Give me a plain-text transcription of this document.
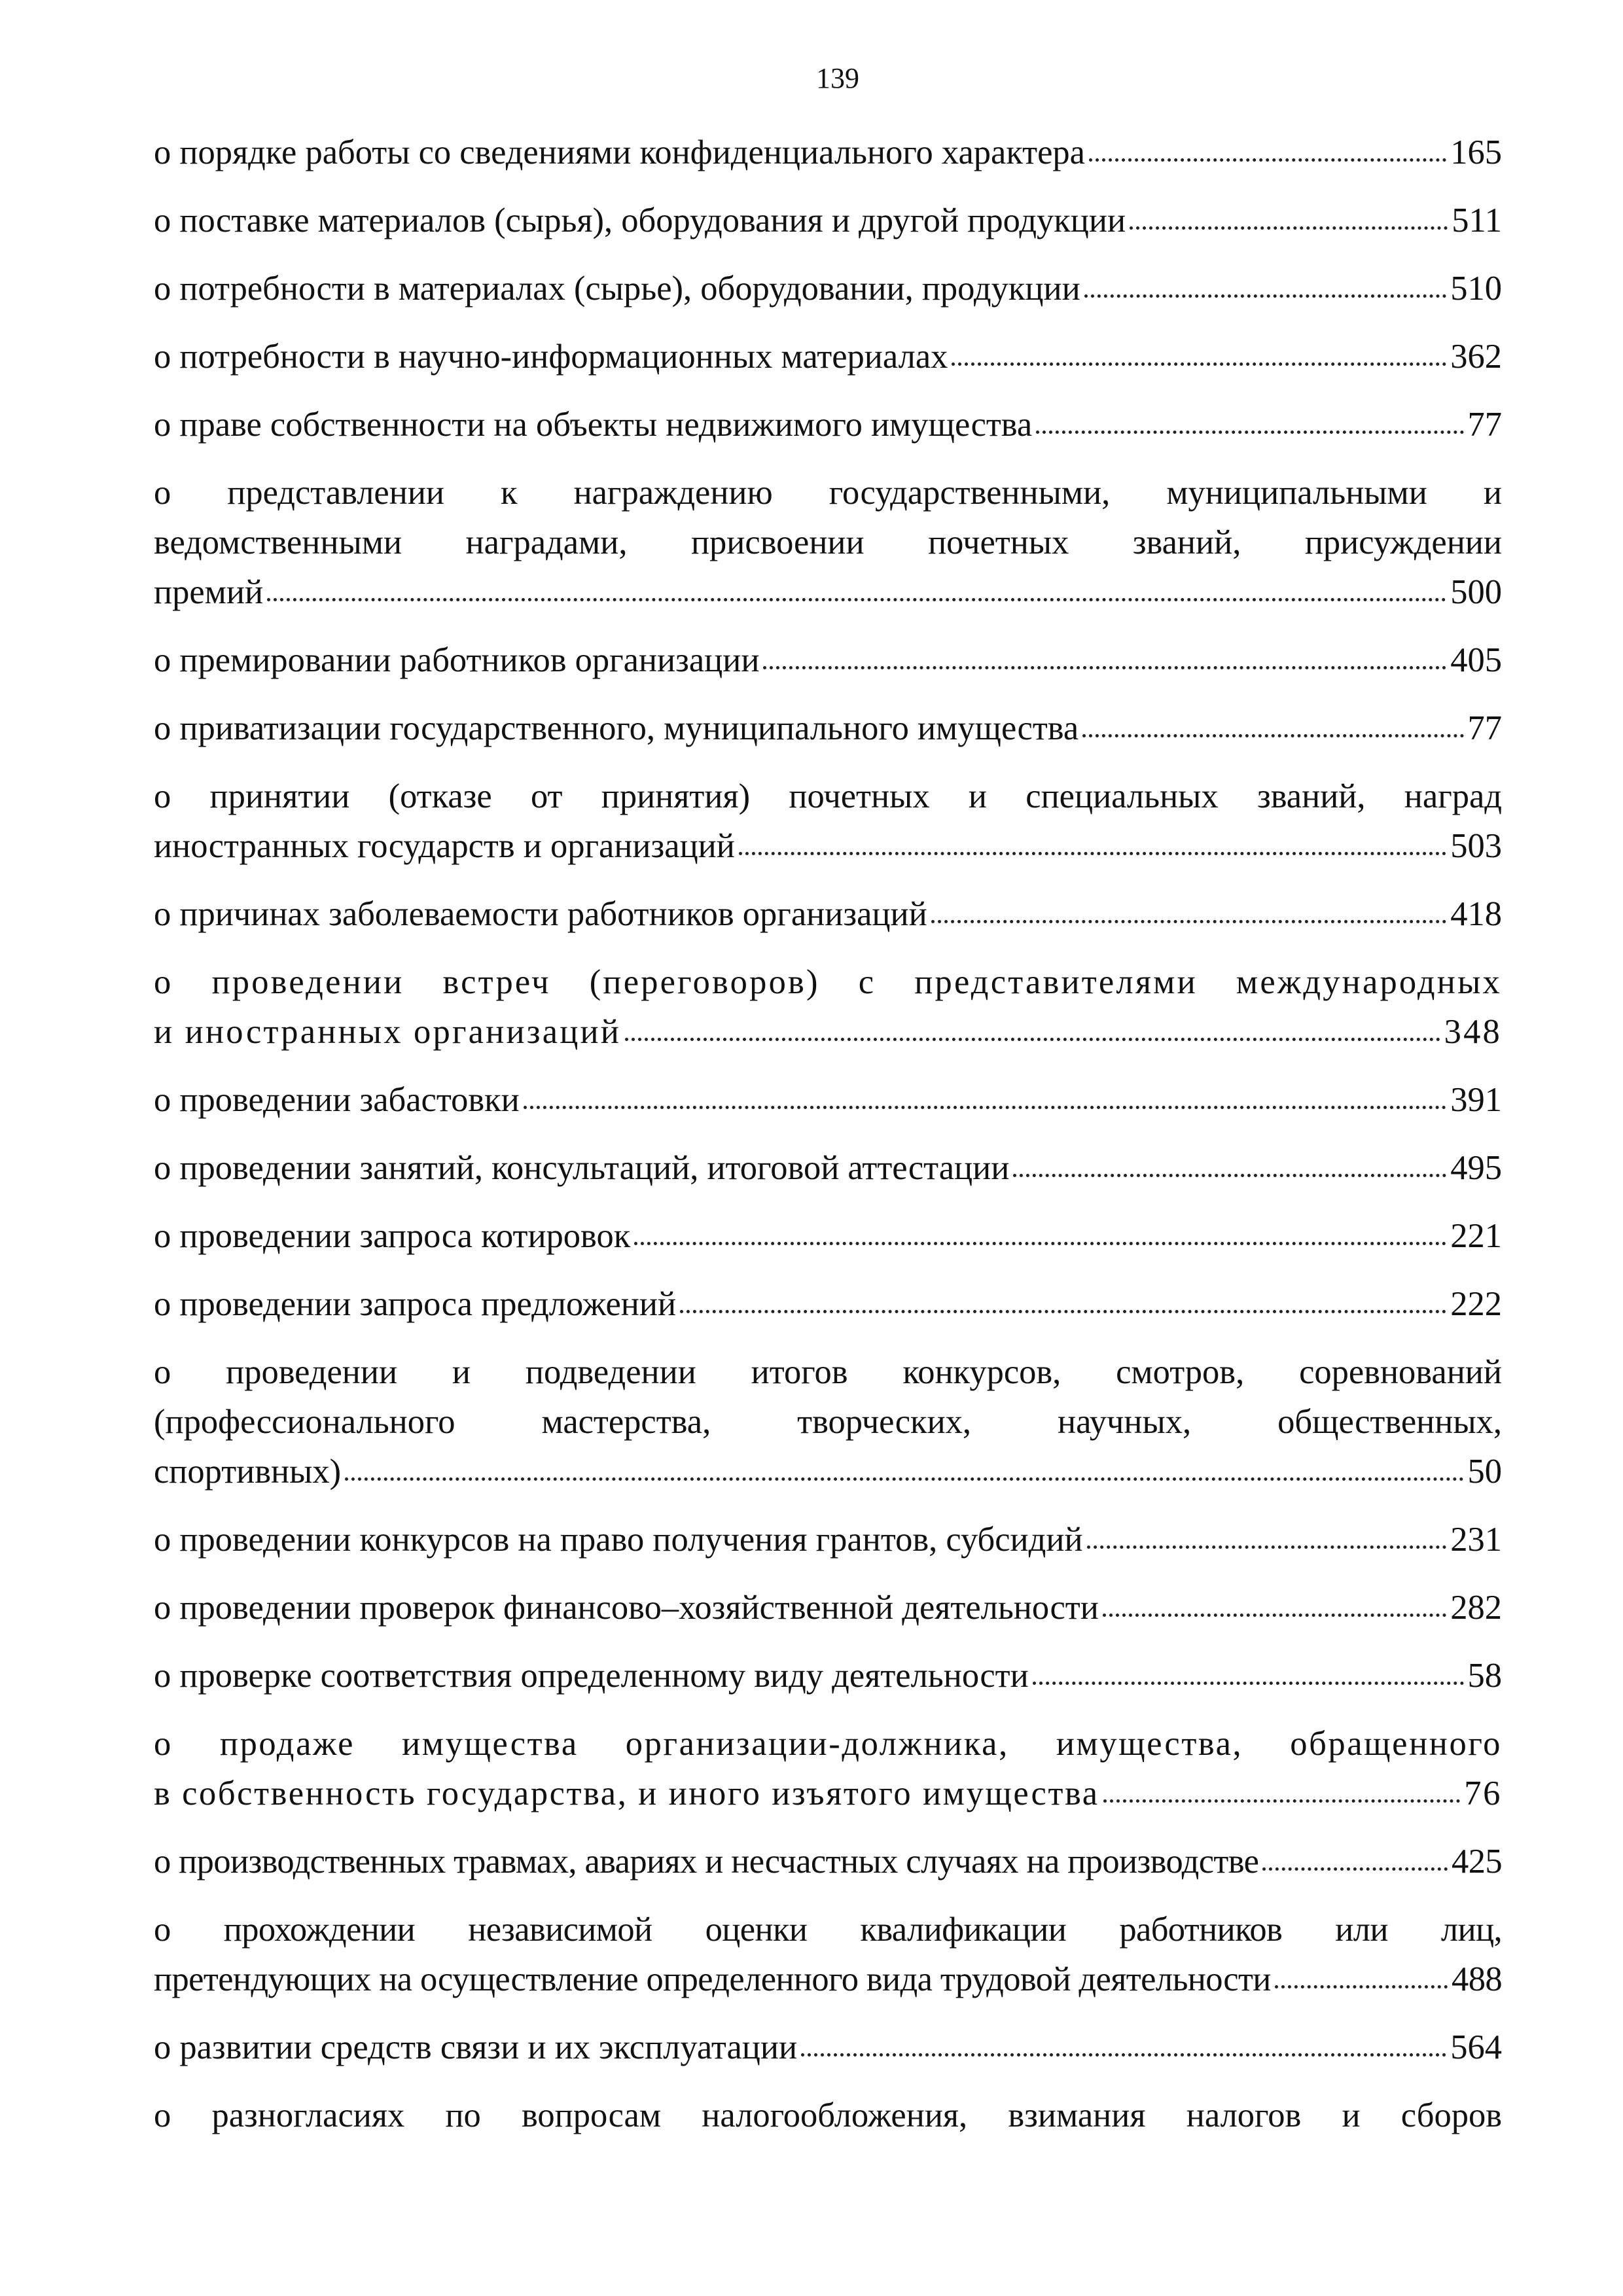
139
о порядке работы со сведениями конфиденциального характера	165
о поставке материалов (сырья), оборудования и другой продукции	511
о потребности в материалах (сырье), оборудовании, продукции	510
о потребности в научно-информационных материалах	362
о праве собственности на объекты недвижимого имущества	77
о представлении к награждению государственными, муниципальными и
ведомственными наградами, присвоении почетных званий, присуждении
премий	500
о премировании работников организации	405
о приватизации государственного, муниципального имущества	77
о принятии (отказе от принятия) почетных и специальных званий, наград
иностранных государств и организаций	503
о причинах заболеваемости работников организаций	418
о проведении встреч (переговоров) с представителями международных
и иностранных организаций	348
о проведении забастовки	391
о проведении занятий, консультаций, итоговой аттестации	495
о проведении запроса котировок	221
о проведении запроса предложений	222
о проведении и подведении итогов конкурсов, смотров, соревнований
(профессионального мастерства, творческих, научных, общественных,
спортивных)	50
о проведении конкурсов на право получения грантов, субсидий	231
о проведении проверок финансово–хозяйственной деятельности	282
о проверке соответствия определенному виду деятельности	58
о продаже имущества организации-должника, имущества, обращенного
в собственность государства, и иного изъятого имущества	76
о производственных травмах, авариях и несчастных случаях на производстве	425
о прохождении независимой оценки квалификации работников или лиц,
претендующих на осуществление определенного вида трудовой деятельности	488
о развитии средств связи и их эксплуатации	564
о разногласиях по вопросам налогообложения, взимания налогов и сборов
